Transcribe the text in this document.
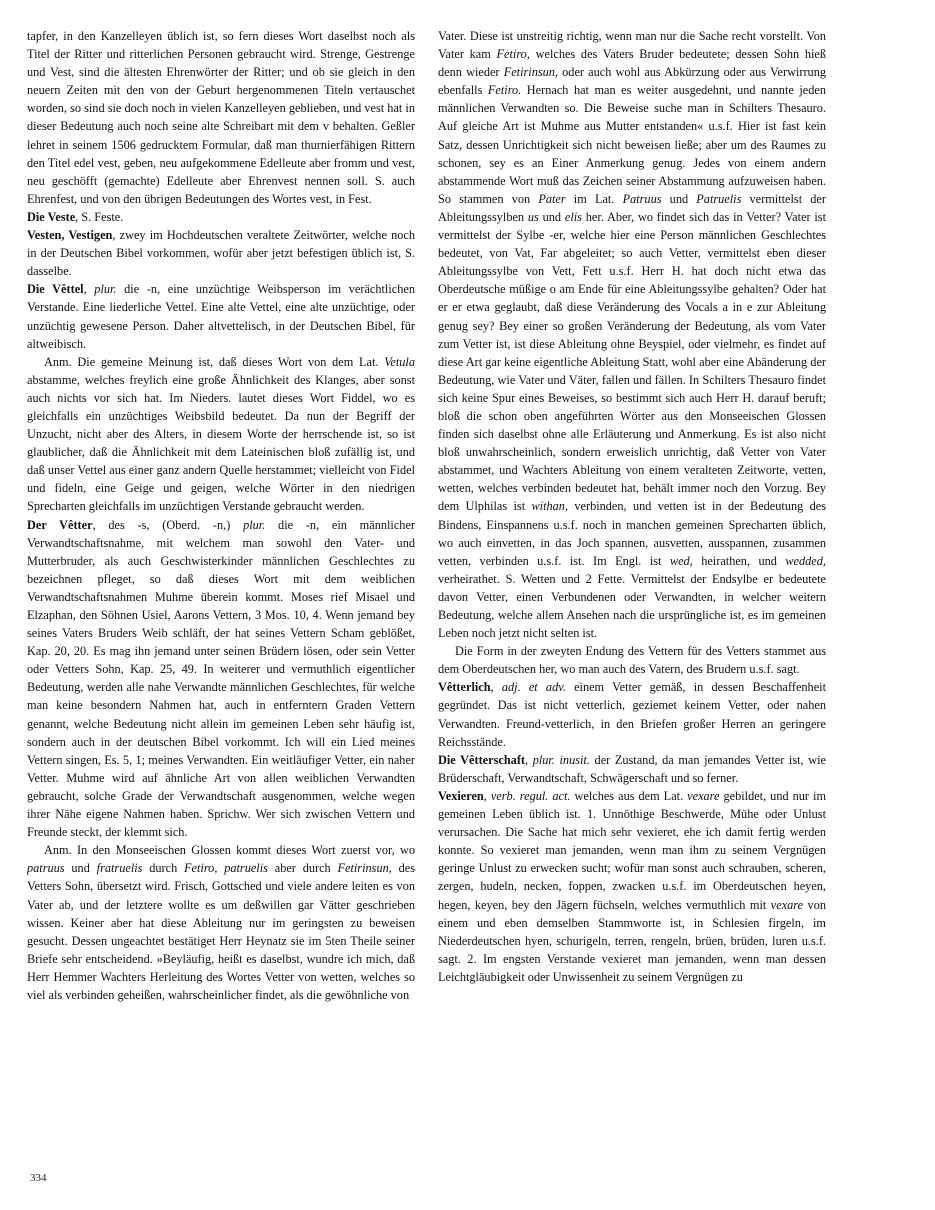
tapfer, in den Kanzelleyen üblich ist, so fern dieses Wort daselbst noch als Titel der Ritter und ritterlichen Personen gebraucht wird. Strenge, Gestrenge und Vest, sind die ältesten Ehrenwörter der Ritter; und ob sie gleich in den neuern Zeiten mit den von der Geburt hergenommenen Titeln vertauschet worden, so sind sie doch noch in vielen Kanzelleyen geblieben, und vest hat in dieser Bedeutung auch noch seine alte Schreibart mit dem v behalten. Geßler lehret in seinem 1506 gedrucktem Formular, daß man thurnierfähigen Rittern den Titel edel vest, geben, neu aufgekommene Edelleute aber fromm und vest, neu geschöfft (gemachte) Edelleute aber Ehrenvest nennen soll. S. auch Ehrenfest, und von den übrigen Bedeutungen des Wortes vest, in Fest.

Die Veste, S. Feste.

Vesten, Vestigen, zwey im Hochdeutschen veraltete Zeitwörter, welche noch in der Deutschen Bibel vorkommen, wofür aber jetzt befestigen üblich ist, S. dasselbe.

Die Vêttel, plur. die -n, eine unzüchtige Weibsperson im verächtlichen Verstande. Eine liederliche Vettel. Eine alte Vettel, eine alte unzüchtige, oder unzüchtig gewesene Person. Daher altvettelisch, in der Deutschen Bibel, für altweibisch.

Anm. Die gemeine Meinung ist, daß dieses Wort von dem Lat. Vetula abstamme, welches freylich eine große Ähnlichkeit des Klanges, aber sonst auch nichts vor sich hat. Im Nieders. lautet dieses Wort Fiddel, wo es gleichfalls ein unzüchtiges Weibsbild bedeutet. Da nun der Begriff der Unzucht, nicht aber des Alters, in diesem Worte der herrschende ist, so ist glaublicher, daß die Ähnlichkeit mit dem Lateinischen bloß zufällig ist, und daß unser Vettel aus einer ganz andern Quelle herstammet; vielleicht von Fidel und fideln, eine Geige und geigen, welche Wörter in den niedrigen Sprecharten gleichfalls im unzüchtigen Verstande gebraucht werden.

Der Vêtter, des -s, (Oberd. -n,) plur. die -n, ein männlicher Verwandtschaftsnahme, mit welchem man sowohl den Vater- und Mutterbruder, als auch Geschwisterkinder männlichen Geschlechtes zu bezeichnen pfleget, so daß dieses Wort mit dem weiblichen Verwandtschaftsnahmen Muhme überein kommt. Moses rief Misael und Elzaphan, den Söhnen Usiel, Aarons Vettern, 3 Mos. 10, 4. Wenn jemand bey seines Vaters Bruders Weib schläft, der hat seines Vettern Scham geblößet, Kap. 20, 20. Es mag ihn jemand unter seinen Brüdern lösen, oder sein Vetter oder Vetters Sohn, Kap. 25, 49. In weiterer und vermuthlich eigentlicher Bedeutung, werden alle nahe Verwandte männlichen Geschlechtes, für welche man keine besondern Nahmen hat, auch in entferntern Graden Vettern genannt, welche Bedeutung nicht allein im gemeinen Leben sehr häufig ist, sondern auch in der deutschen Bibel vorkommt. Ich will ein Lied meines Vettern singen, Es. 5, 1; meines Verwandten. Ein weitläufiger Vetter, ein naher Vetter. Muhme wird auf ähnliche Art von allen weiblichen Verwandten gebraucht, solche Grade der Verwandtschaft ausgenommen, welche wegen ihrer Nähe eigene Nahmen haben. Sprichw. Wer sich zwischen Vettern und Freunde steckt, der klemmt sich.

Anm. In den Monseeischen Glossen kommt dieses Wort zuerst vor, wo patruus und fratruelis durch Fetiro, patruelis aber durch Fetirinsun, des Vetters Sohn, übersetzt wird. Frisch, Gottsched und viele andere leiten es von Vater ab, und der letztere wollte es um deßwillen gar Vätter geschrieben wissen. Keiner aber hat diese Ableitung nur im geringsten zu beweisen gesucht. Dessen ungeachtet bestätiget Herr Heynatz sie im 5ten Theile seiner Briefe sehr entscheidend. »Beyläufig, heißt es daselbst, wundre ich mich, daß Herr Hemmer Wachters Herleitung des Wortes Vetter von wetten, welches so viel als verbinden geheißen, wahrscheinlicher findet, als die gewöhnliche von

Vater. Diese ist unstreitig richtig, wenn man nur die Sache recht vorstellt. Von Vater kam Fetiro, welches des Vaters Bruder bedeutete; dessen Sohn hieß denn wieder Fetirinsun, oder auch wohl aus Abkürzung oder aus Verwirrung ebenfalls Fetiro. Hernach hat man es weiter ausgedehnt, und nannte jeden männlichen Verwandten so. Die Beweise suche man in Schilters Thesauro. Auf gleiche Art ist Muhme aus Mutter entstanden« u.s.f. Hier ist fast kein Satz, dessen Unrichtigkeit sich nicht beweisen ließe; aber um des Raumes zu schonen, sey es an Einer Anmerkung genug. Jedes von einem andern abstammende Wort muß das Zeichen seiner Abstammung aufzuweisen haben. So stammen von Pater im Lat. Patruus und Patruelis vermittelst der Ableitungssylben us und elis her. Aber, wo findet sich das in Vetter? Vater ist vermittelst der Sylbe -er, welche hier eine Person männlichen Geschlechtes bedeutet, von Vat, Far abgeleitet; so auch Vetter, vermittelst eben dieser Ableitungssylbe von Vett, Fett u.s.f. Herr H. hat doch nicht etwa das Oberdeutsche müßige o am Ende für eine Ableitungssylbe gehalten? Oder hat er er etwa geglaubt, daß diese Veränderung des Vocals a in e zur Ableitung genug sey? Bey einer so großen Veränderung der Bedeutung, als vom Vater zum Vetter ist, ist diese Ableitung ohne Beyspiel, oder vielmehr, es findet auf diese Art gar keine eigentliche Ableitung Statt, wohl aber eine Abänderung der Bedeutung, wie Vater und Väter, fallen und fällen. In Schilters Thesauro findet sich keine Spur eines Beweises, so bestimmt sich auch Herr H. darauf beruft; bloß die schon oben angeführten Wörter aus den Monseeischen Glossen finden sich daselbst ohne alle Erläuterung und Anmerkung. Es ist also nicht bloß unwahrscheinlich, sondern erweislich unrichtig, daß Vetter von Vater abstammet, und Wachters Ableitung von einem veralteten Zeitworte, vetten, wetten, welches verbinden bedeutet hat, behält immer noch den Vorzug. Bey dem Ulphilas ist withan, verbinden, und vetten ist in der Bedeutung des Bindens, Einspannens u.s.f. noch in manchen gemeinen Sprecharten üblich, wo auch einvetten, in das Joch spannen, ausvetten, ausspannen, zusammen vetten, verbinden u.s.f. ist. Im Engl. ist wed, heirathen, und wedded, verheirathet. S. Wetten und 2 Fette. Vermittelst der Endsylbe er bedeutete davon Vetter, einen Verbundenen oder Verwandten, in welcher weitern Bedeutung, welche allem Ansehen nach die ursprüngliche ist, es im gemeinen Leben noch jetzt nicht selten ist.

Die Form in der zweyten Endung des Vettern für des Vetters stammet aus dem Oberdeutschen her, wo man auch des Vatern, des Brudern u.s.f. sagt.

Vêtterlich, adj. et adv. einem Vetter gemäß, in dessen Beschaffenheit gegründet. Das ist nicht vetterlich, geziemet keinem Vetter, oder nahen Verwandten. Freund-vetterlich, in den Briefen großer Herren an geringere Reichsstände.

Die Vêtterschaft, plur. inusit. der Zustand, da man jemandes Vetter ist, wie Brüderschaft, Verwandtschaft, Schwägerschaft und so ferner.

Vexieren, verb. regul. act. welches aus dem Lat. vexare gebildet, und nur im gemeinen Leben üblich ist. 1. Unnöthige Beschwerde, Mühe oder Unlust verursachen. Die Sache hat mich sehr vexieret, ehe ich damit fertig werden konnte. So vexieret man jemanden, wenn man ihm zu seinem Vergnügen geringe Unlust zu erwecken sucht; wofür man sonst auch schrauben, scheren, zergen, hudeln, necken, foppen, zwacken u.s.f. im Oberdeutschen heyen, hegen, keyen, bey den Jägern füchseln, welches vermuthlich mit vexare von einem und eben demselben Stammworte ist, in Schlesien firgeln, im Niederdeutschen hyen, schurigeln, terren, rengeln, brüen, brüden, luren u.s.f. sagt. 2. Im engsten Verstande vexieret man jemanden, wenn man dessen Leichtgläubigkeit oder Unwissenheit zu seinem Vergnügen zu

334
